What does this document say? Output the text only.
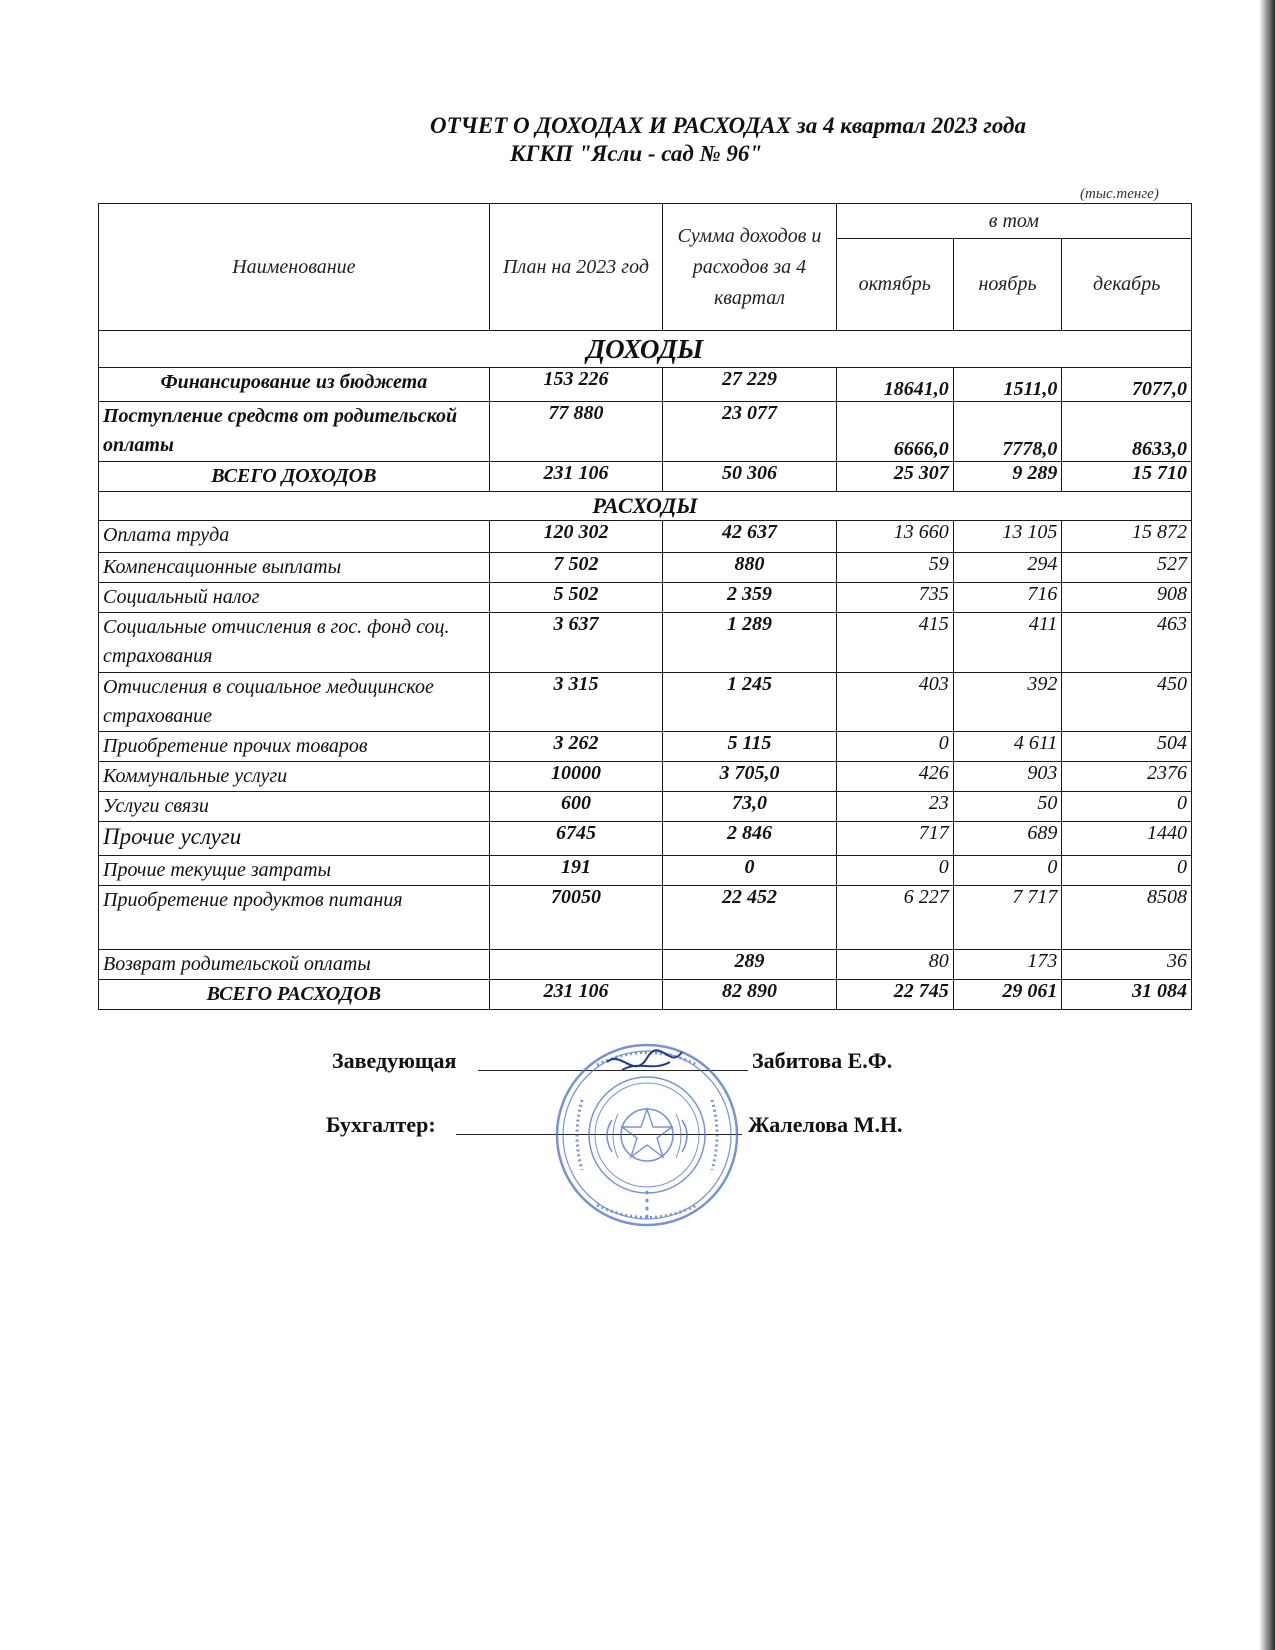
ОТЧЕТ О ДОХОДАХ И РАСХОДАХ за 4 квартал 2023 года
КГКП "Ясли - сад № 96"
(тыс.тенге)
Наименование	План на 2023 год	Сумма доходов и расходов за 4 квартал	в том		
			октябрь	ноябрь	декабрь
ДОХОДЫ					
Финансирование из бюджета	153 226	27 229	18641,0	1511,0	7077,0
Поступление средств от родительской оплаты	77 880	23 077	6666,0	7778,0	8633,0
ВСЕГО ДОХОДОВ	231 106	50 306	25 307	9 289	15 710
РАСХОДЫ					
Оплата труда	120 302	42 637	13 660	13 105	15 872
Компенсационные выплаты	7 502	880	59	294	527
Социальный налог	5 502	2 359	735	716	908
Социальные отчисления в гос. фонд соц. страхования	3 637	1 289	415	411	463
Отчисления в социальное медицинское страхование	3 315	1 245	403	392	450
Приобретение прочих товаров	3 262	5 115	0	4 611	504
Коммунальные услуги	10000	3 705,0	426	903	2376
Услуги связи	600	73,0	23	50	0
Прочие услуги	6745	2 846	717	689	1440
Прочие текущие затраты	191	0	0	0	0
Приобретение продуктов питания	70050	22 452	6 227	7 717	8508
Возврат родительской оплаты		289	80	173	36
ВСЕГО РАСХОДОВ	231 106	82 890	22 745	29 061	31 084
Заведующая	Забитова Е.Ф.
Бухгалтер:	Жалелова М.Н.
